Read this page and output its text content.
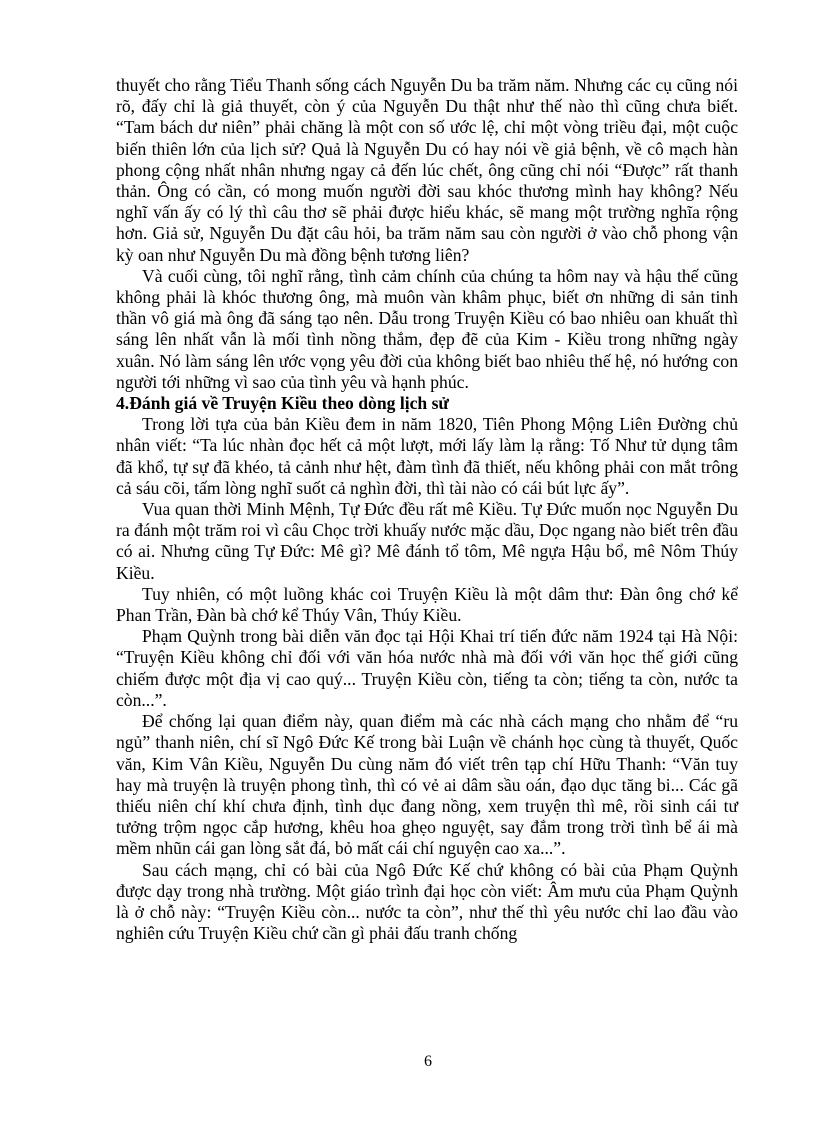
thuyết cho rằng Tiểu Thanh sống cách Nguyễn Du ba trăm năm. Nhưng các cụ cũng nói rõ, đấy chỉ là giả thuyết, còn ý của Nguyễn Du thật như thế nào thì cũng chưa biết. “Tam bách dư niên” phải chăng là một con số ước lệ, chỉ một vòng triều đại, một cuộc biến thiên lớn của lịch sử? Quả là Nguyễn Du có hay nói về giả bệnh, về cô mạch hàn phong cộng nhất nhân nhưng ngay cả đến lúc chết, ông cũng chỉ nói “Được” rất thanh thản. Ông có cần, có mong muốn người đời sau khóc thương mình hay không? Nếu nghĩ vấn ấy có lý thì câu thơ sẽ phải được hiểu khác, sẽ mang một trường nghĩa rộng hơn. Giả sử, Nguyễn Du đặt câu hỏi, ba trăm năm sau còn người ở vào chỗ phong vận kỳ oan như Nguyễn Du mà đồng bệnh tương liên?

Và cuối cùng, tôi nghĩ rằng, tình cảm chính của chúng ta hôm nay và hậu thế cũng không phải là khóc thương ông, mà muôn vàn khâm phục, biết ơn những di sản tinh thần vô giá mà ông đã sáng tạo nên. Dẫu trong Truyện Kiều có bao nhiêu oan khuất thì sáng lên nhất vẫn là mối tình nồng thắm, đẹp đẽ của Kim - Kiều trong những ngày xuân. Nó làm sáng lên ước vọng yêu đời của không biết bao nhiêu thế hệ, nó hướng con người tới những vì sao của tình yêu và hạnh phúc.

4.Đánh giá về Truyện Kiều theo dòng lịch sử

Trong lời tựa của bản Kiều đem in năm 1820, Tiên Phong Mộng Liên Đường chủ nhân viết: “Ta lúc nhàn đọc hết cả một lượt, mới lấy làm lạ rằng: Tố Như tử dụng tâm đã khổ, tự sự đã khéo, tả cảnh như hệt, đàm tình đã thiết, nếu không phải con mắt trông cả sáu cõi, tấm lòng nghĩ suốt cả nghìn đời, thì tài nào có cái bút lực ấy”.

Vua quan thời Minh Mệnh, Tự Đức đều rất mê Kiều. Tự Đức muốn nọc Nguyễn Du ra đánh một trăm roi vì câu Chọc trời khuấy nước mặc dầu, Dọc ngang nào biết trên đầu có ai. Nhưng cũng Tự Đức: Mê gì? Mê đánh tổ tôm, Mê ngựa Hậu bổ, mê Nôm Thúy Kiều.

Tuy nhiên, có một luồng khác coi Truyện Kiều là một dâm thư: Đàn ông chớ kể Phan Trần, Đàn bà chớ kể Thúy Vân, Thúy Kiều.

Phạm Quỳnh trong bài diễn văn đọc tại Hội Khai trí tiến đức năm 1924 tại Hà Nội: “Truyện Kiều không chỉ đối với văn hóa nước nhà mà đối với văn học thế giới cũng chiếm được một địa vị cao quý... Truyện Kiều còn, tiếng ta còn; tiếng ta còn, nước ta còn...”.

Để chống lại quan điểm này, quan điểm mà các nhà cách mạng cho nhằm để “ru ngủ” thanh niên, chí sĩ Ngô Đức Kế trong bài Luận về chánh học cùng tà thuyết, Quốc văn, Kim Vân Kiều, Nguyễn Du cùng năm đó viết trên tạp chí Hữu Thanh: “Văn tuy hay mà truyện là truyện phong tình, thì có vẻ ai dâm sầu oán, đạo dục tăng bi... Các gã thiếu niên chí khí chưa định, tình dục đang nồng, xem truyện thì mê, rồi sinh cái tư tưởng trộm ngọc cắp hương, khêu hoa ghẹo nguyệt, say đắm trong trời tình bể ái mà mềm nhũn cái gan lòng sắt đá, bỏ mất cái chí nguyện cao xa...”.

Sau cách mạng, chỉ có bài của Ngô Đức Kế chứ không có bài của Phạm Quỳnh được dạy trong nhà trường. Một giáo trình đại học còn viết: Âm mưu của Phạm Quỳnh là ở chỗ này: “Truyện Kiều còn... nước ta còn”, như thế thì yêu nước chỉ lao đầu vào nghiên cứu Truyện Kiều chứ cần gì phải đấu tranh chống

6
